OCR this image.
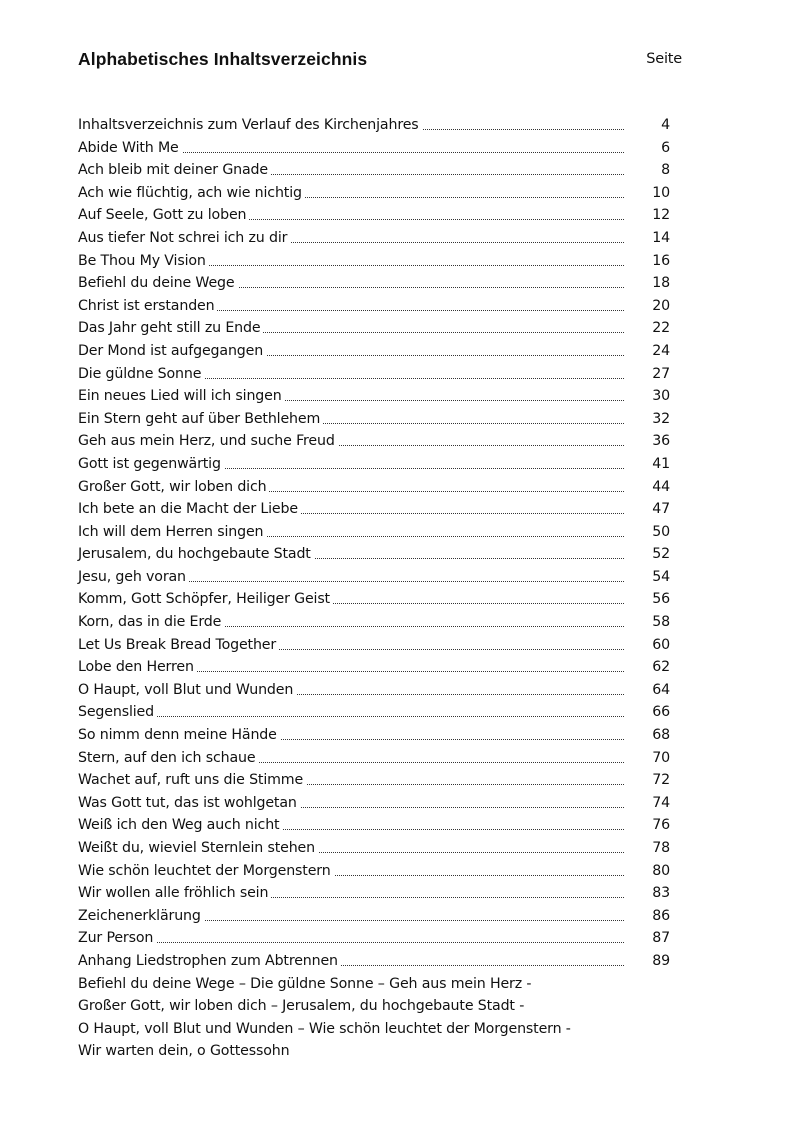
Alphabetisches Inhaltsverzeichnis	Seite
Inhaltsverzeichnis zum Verlauf des Kirchenjahres	4
Abide With Me	6
Ach bleib mit deiner Gnade	8
Ach wie flüchtig, ach wie nichtig	10
Auf Seele, Gott zu loben	12
Aus tiefer Not schrei ich zu dir	14
Be Thou My Vision	16
Befiehl du deine Wege	18
Christ ist erstanden	20
Das Jahr geht still zu Ende	22
Der Mond ist aufgegangen	24
Die güldne Sonne	27
Ein neues Lied will ich singen	30
Ein Stern geht auf über Bethlehem	32
Geh aus mein Herz, und suche Freud	36
Gott ist gegenwärtig	41
Großer Gott, wir loben dich	44
Ich bete an die Macht der Liebe	47
Ich will dem Herren singen	50
Jerusalem, du hochgebaute Stadt	52
Jesu, geh voran	54
Komm, Gott Schöpfer, Heiliger Geist	56
Korn, das in die Erde	58
Let Us Break Bread Together	60
Lobe den Herren	62
O Haupt, voll Blut und Wunden	64
Segenslied	66
So nimm denn meine Hände	68
Stern, auf den ich schaue	70
Wachet auf, ruft uns die Stimme	72
Was Gott tut, das ist wohlgetan	74
Weiß ich den Weg auch nicht	76
Weißt du, wieviel Sternlein stehen	78
Wie schön leuchtet der Morgenstern	80
Wir wollen alle fröhlich sein	83
Zeichenerklärung	86
Zur Person	87
Anhang Liedstrophen zum Abtrennen	89
Befiehl du deine Wege – Die güldne Sonne – Geh aus mein Herz -
Großer Gott, wir loben dich – Jerusalem, du hochgebaute Stadt -
O Haupt, voll Blut und Wunden – Wie schön leuchtet der Morgenstern -
Wir warten dein, o Gottessohn
